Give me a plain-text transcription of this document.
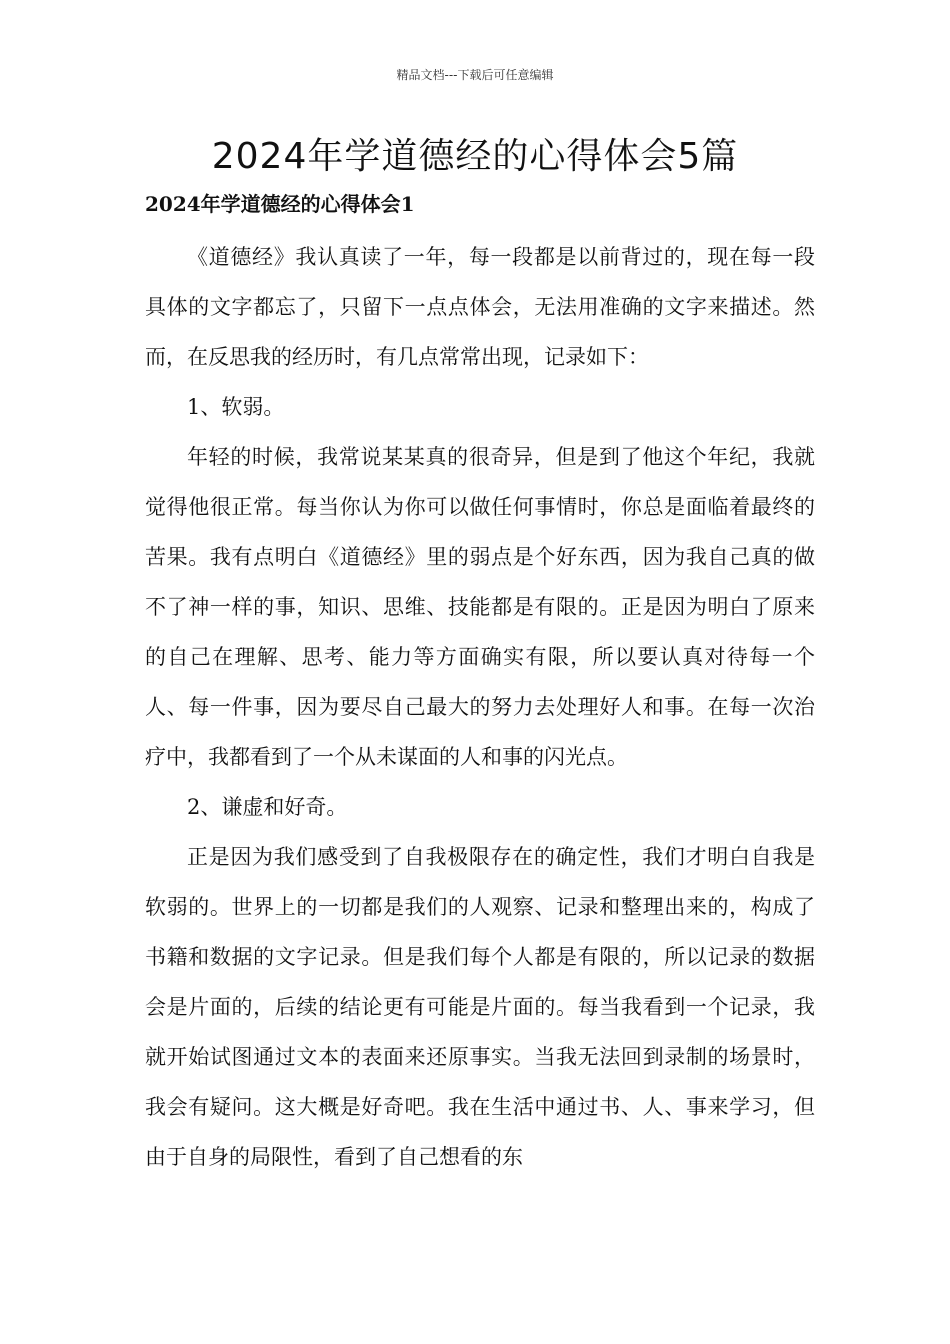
精品文档---下载后可任意编辑
2024年学道德经的心得体会5篇
2024年学道德经的心得体会1

《道德经》我认真读了一年，每一段都是以前背过的，现在每一段具体的文字都忘了，只留下一点点体会，无法用准确的文字来描述。然而，在反思我的经历时，有几点常常出现，记录如下：

1、软弱。

年轻的时候，我常说某某真的很奇异，但是到了他这个年纪，我就觉得他很正常。每当你认为你可以做任何事情时，你总是面临着最终的苦果。我有点明白《道德经》里的弱点是个好东西，因为我自己真的做不了神一样的事，知识、思维、技能都是有限的。正是因为明白了原来的自己在理解、思考、能力等方面确实有限，所以要认真对待每一个人、每一件事，因为要尽自己最大的努力去处理好人和事。在每一次治疗中，我都看到了一个从未谋面的人和事的闪光点。

2、谦虚和好奇。

正是因为我们感受到了自我极限存在的确定性，我们才明白自我是软弱的。世界上的一切都是我们的人观察、记录和整理出来的，构成了书籍和数据的文字记录。但是我们每个人都是有限的，所以记录的数据会是片面的，后续的结论更有可能是片面的。每当我看到一个记录，我就开始试图通过文本的表面来还原事实。当我无法回到录制的场景时，我会有疑问。这大概是好奇吧。我在生活中通过书、人、事来学习，但由于自身的局限性，看到了自己想看的东
